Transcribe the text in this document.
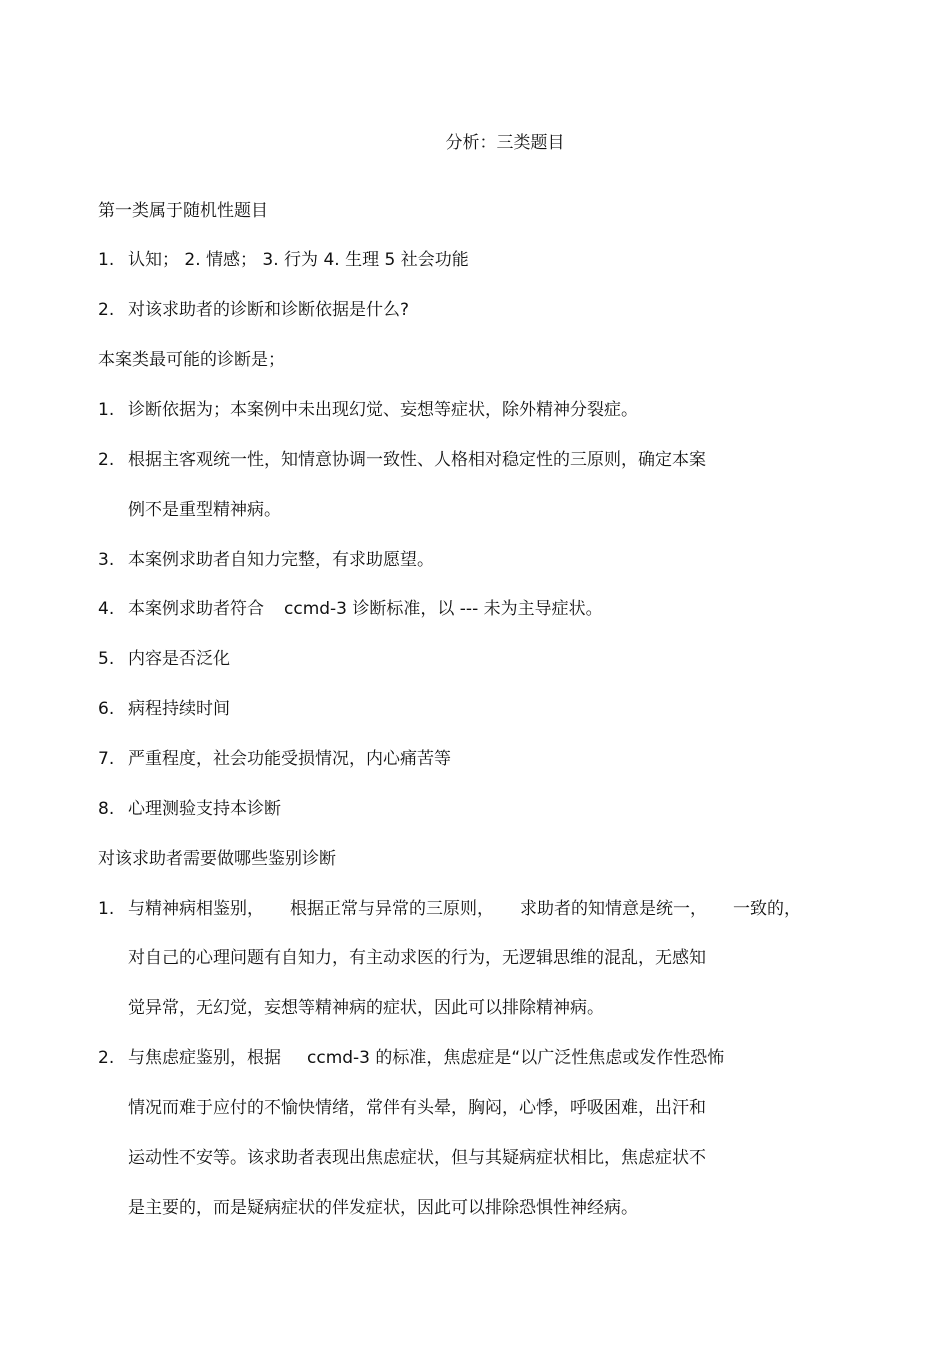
分析：三类题目
第一类属于随机性题目
1. 认知； 2. 情感； 3. 行为 4. 生理 5 社会功能
2. 对该求助者的诊断和诊断依据是什么?
本案类最可能的诊断是；
1. 诊断依据为；本案例中未出现幻觉、妄想等症状，除外精神分裂症。
2. 根据主客观统一性，知情意协调一致性、人格相对稳定性的三原则，确定本案
例不是重型精神病。
3. 本案例求助者自知力完整，有求助愿望。
4. 本案例求助者符合 ccmd-3 诊断标准，以 --- 未为主导症状。
5. 内容是否泛化
6. 病程持续时间
7. 严重程度，社会功能受损情况，内心痛苦等
8. 心理测验支持本诊断
对该求助者需要做哪些鉴别诊断
1. 与精神病相鉴别， 根据正常与异常的三原则， 求助者的知情意是统一， 一致的，
对自己的心理问题有自知力，有主动求医的行为，无逻辑思维的混乱，无感知
觉异常，无幻觉，妄想等精神病的症状，因此可以排除精神病。
2. 与焦虑症鉴别，根据 ccmd-3 的标准，焦虑症是“以广泛性焦虑或发作性恐怖
情况而难于应付的不愉快情绪，常伴有头晕，胸闷，心悸，呼吸困难，出汗和
运动性不安等。该求助者表现出焦虑症状，但与其疑病症状相比，焦虑症状不
是主要的，而是疑病症状的伴发症状，因此可以排除恐惧性神经病。
